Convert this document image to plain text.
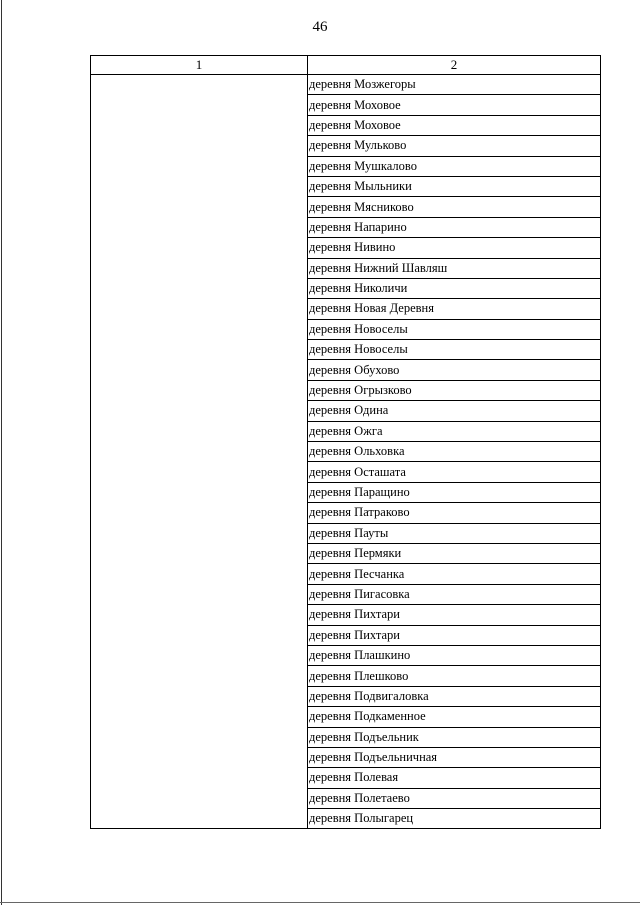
46
1	2
	деревня Мозжегоры
	деревня Моховое
	деревня Моховое
	деревня Мульково
	деревня Мушкалово
	деревня Мыльники
	деревня Мясниково
	деревня Напарино
	деревня Нивино
	деревня Нижний Шавляш
	деревня Николичи
	деревня Новая Деревня
	деревня Новоселы
	деревня Новоселы
	деревня Обухово
	деревня Огрызково
	деревня Одина
	деревня Ожга
	деревня Ольховка
	деревня Осташата
	деревня Паращино
	деревня Патраково
	деревня Пауты
	деревня Пермяки
	деревня Песчанка
	деревня Пигасовка
	деревня Пихтари
	деревня Пихтари
	деревня Плашкино
	деревня Плешково
	деревня Подвигаловка
	деревня Подкаменное
	деревня Подъельник
	деревня Подъельничная
	деревня Полевая
	деревня Полетаево
	деревня Полыгарец
